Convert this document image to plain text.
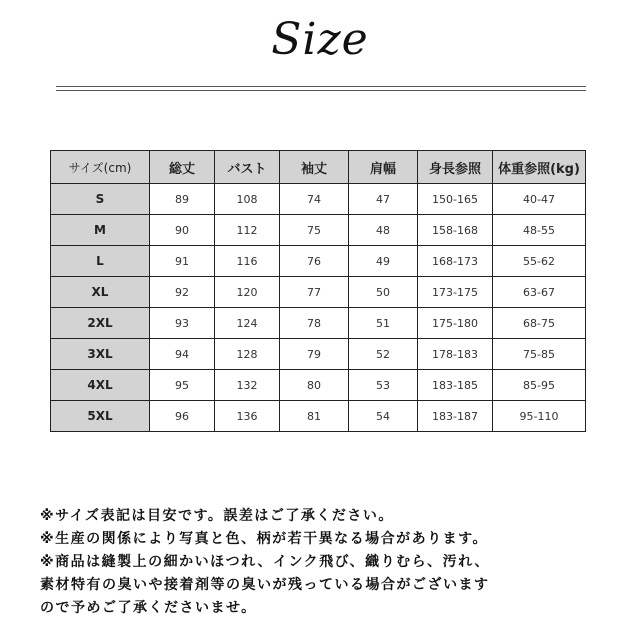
Size
サイズ(cm)	総丈	バスト	袖丈	肩幅	身長参照	体重参照(kg)
S	89	108	74	47	150-165	40-47
M	90	112	75	48	158-168	48-55
L	91	116	76	49	168-173	55-62
XL	92	120	77	50	173-175	63-67
2XL	93	124	78	51	175-180	68-75
3XL	94	128	79	52	178-183	75-85
4XL	95	132	80	53	183-185	85-95
5XL	96	136	81	54	183-187	95-110
※サイズ表記は目安です。誤差はご了承ください。
※生産の関係により写真と色、柄が若干異なる場合があります。
※商品は縫製上の細かいほつれ、インク飛び、織りむら、汚れ、
素材特有の臭いや接着剤等の臭いが残っている場合がございます
ので予めご了承くださいませ。
